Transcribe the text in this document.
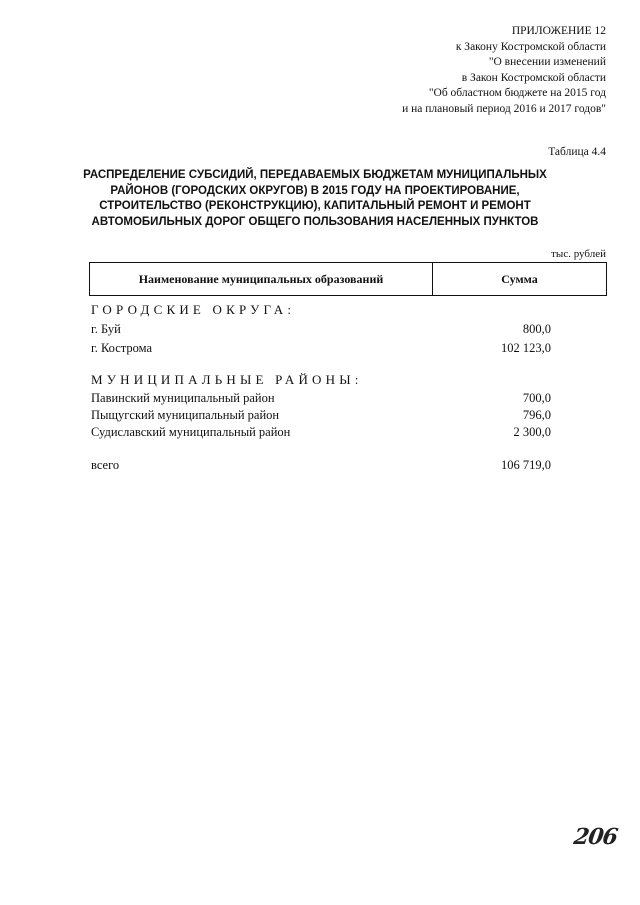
ПРИЛОЖЕНИЕ 12
к Закону Костромской области
"О внесении изменений
в Закон Костромской области
"Об областном бюджете на 2015 год
и на плановый период 2016 и 2017 годов"
Таблица 4.4
РАСПРЕДЕЛЕНИЕ СУБСИДИЙ, ПЕРЕДАВАЕМЫХ БЮДЖЕТАМ МУНИЦИПАЛЬНЫХ РАЙОНОВ (ГОРОДСКИХ ОКРУГОВ) В 2015 ГОДУ НА ПРОЕКТИРОВАНИЕ, СТРОИТЕЛЬСТВО (РЕКОНСТРУКЦИЮ), КАПИТАЛЬНЫЙ РЕМОНТ И РЕМОНТ АВТОМОБИЛЬНЫХ ДОРОГ ОБЩЕГО ПОЛЬЗОВАНИЯ НАСЕЛЕННЫХ ПУНКТОВ
тыс. рублей
Наименование муниципальных образований	Сумма
ГОРОДСКИЕ ОКРУГА:
г. Буй	800,0
г. Кострома	102 123,0
МУНИЦИПАЛЬНЫЕ РАЙОНЫ:
Павинский муниципальный район	700,0
Пыщугский муниципальный район	796,0
Судиславский муниципальный район	2 300,0
всего	106 719,0
206
